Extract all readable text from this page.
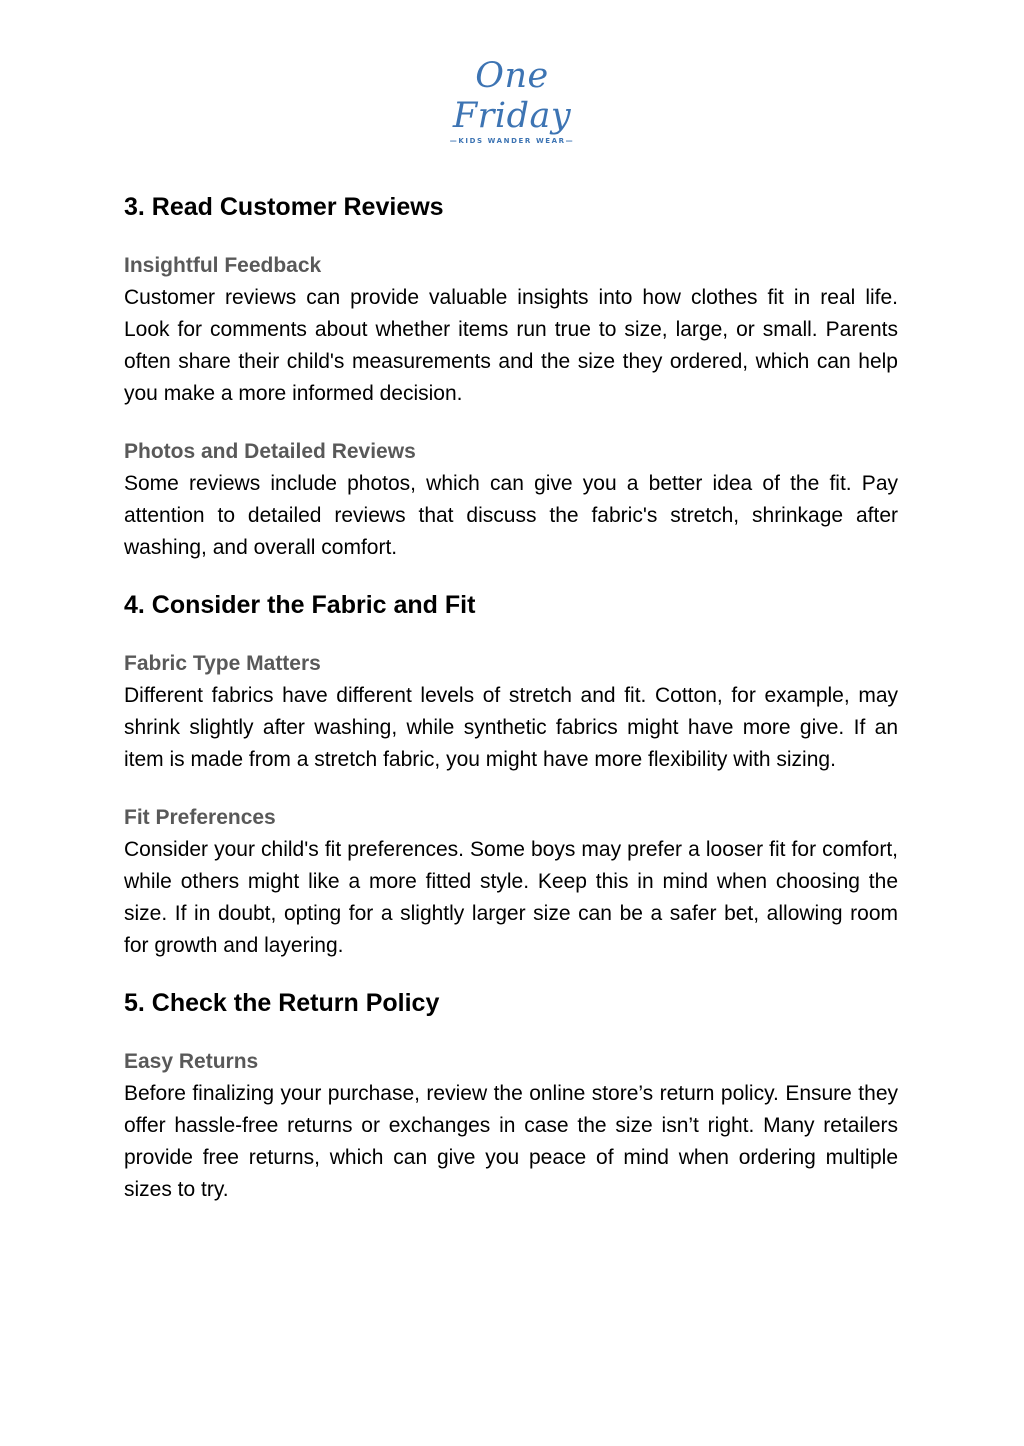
One Friday
—KIDS WANDER WEAR—
3. Read Customer Reviews
Insightful Feedback

Customer reviews can provide valuable insights into how clothes fit in real life. Look for comments about whether items run true to size, large, or small. Parents often share their child's measurements and the size they ordered, which can help you make a more informed decision.

Photos and Detailed Reviews

Some reviews include photos, which can give you a better idea of the fit. Pay attention to detailed reviews that discuss the fabric's stretch, shrinkage after washing, and overall comfort.

4. Consider the Fabric and Fit
Fabric Type Matters

Different fabrics have different levels of stretch and fit. Cotton, for example, may shrink slightly after washing, while synthetic fabrics might have more give. If an item is made from a stretch fabric, you might have more flexibility with sizing.

Fit Preferences

Consider your child's fit preferences. Some boys may prefer a looser fit for comfort, while others might like a more fitted style. Keep this in mind when choosing the size. If in doubt, opting for a slightly larger size can be a safer bet, allowing room for growth and layering.

5. Check the Return Policy
Easy Returns

Before finalizing your purchase, review the online store’s return policy. Ensure they offer hassle-free returns or exchanges in case the size isn’t right. Many retailers provide free returns, which can give you peace of mind when ordering multiple sizes to try.
